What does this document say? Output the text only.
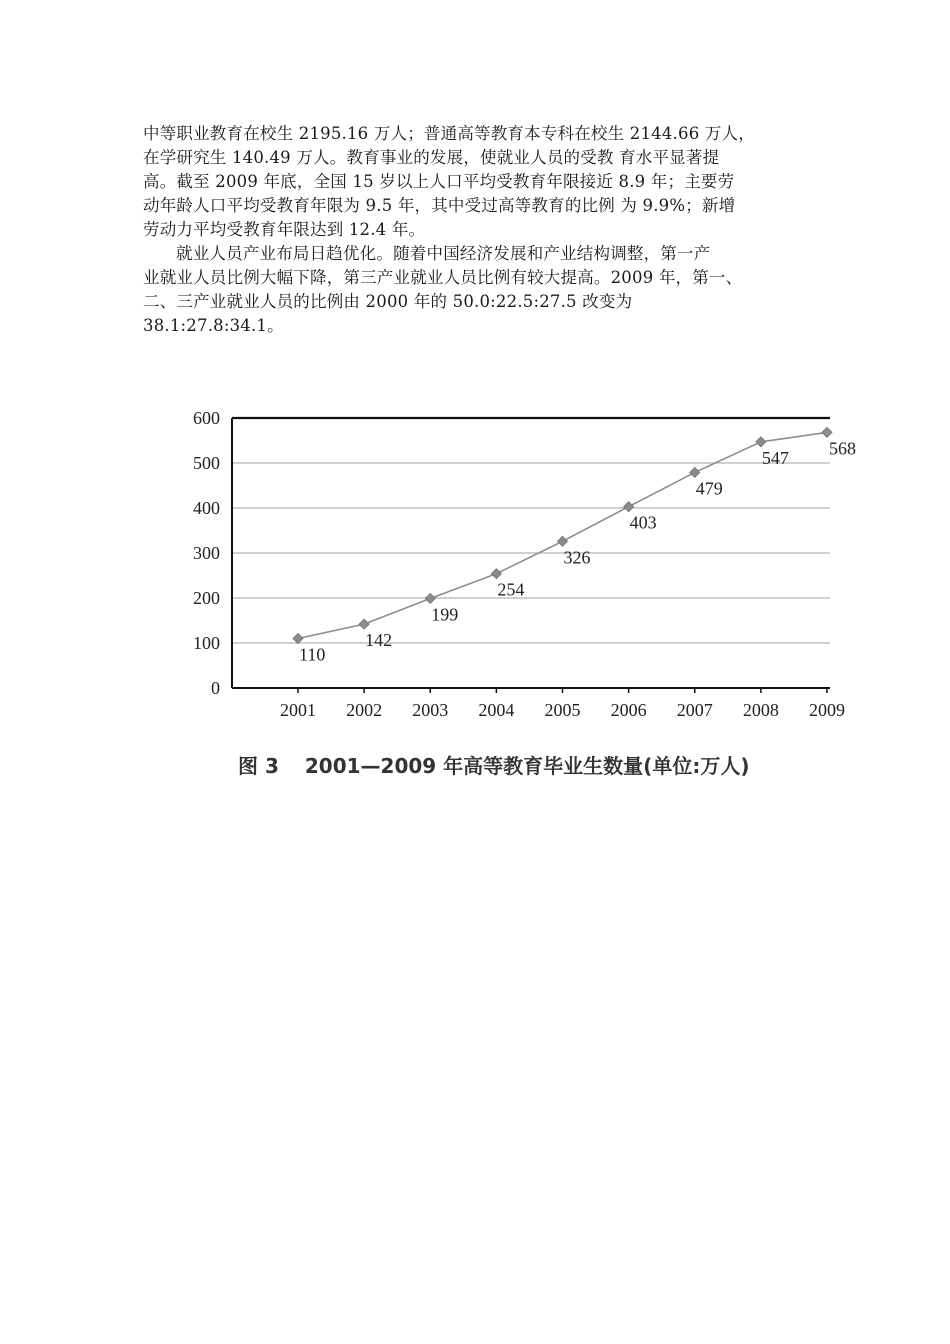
中等职业教育在校生 2195.16 万人；普通高等教育本专科在校生 2144.66 万人，
在学研究生 140.49 万人。教育事业的发展，使就业人员的受教 育水平显著提
高。截至 2009 年底，全国 15 岁以上人口平均受教育年限接近 8.9 年；主要劳
动年龄人口平均受教育年限为 9.5 年，其中受过高等教育的比例 为 9.9%；新增
劳动力平均受教育年限达到 12.4 年。

就业人员产业布局日趋优化。随着中国经济发展和产业结构调整，第一产
业就业人员比例大幅下降，第三产业就业人员比例有较大提高。2009 年，第一、
二、三产业就业人员的比例由 2000 年的 50.0:22.5:27.5 改变为
38.1:27.8:34.1。

0
100
200
300
400
500
600
2001 2002 2003 2004 2005 2006 2007 2008 2009
110
142
199
254
326
403
479
547 568
图 3 2001—2009 年高等教育毕业生数量(单位:万人)
